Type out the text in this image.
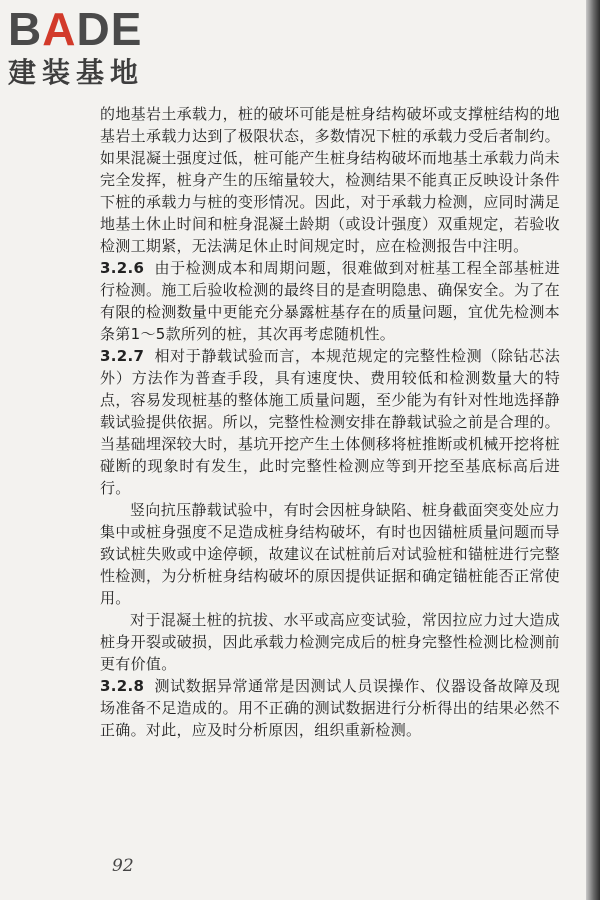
BADE
建装基地

的地基岩土承载力，桩的破坏可能是桩身结构破坏或支撑桩结构的地基岩土承载力达到了极限状态，多数情况下桩的承载力受后者制约。如果混凝土强度过低，桩可能产生桩身结构破坏而地基土承载力尚未完全发挥，桩身产生的压缩量较大，检测结果不能真正反映设计条件下桩的承载力与桩的变形情况。因此，对于承载力检测，应同时满足地基土休止时间和桩身混凝土龄期（或设计强度）双重规定，若验收检测工期紧，无法满足休止时间规定时，应在检测报告中注明。

3.2.6 由于检测成本和周期问题，很难做到对桩基工程全部基桩进行检测。施工后验收检测的最终目的是查明隐患、确保安全。为了在有限的检测数量中更能充分暴露桩基存在的质量问题，宜优先检测本条第1～5款所列的桩，其次再考虑随机性。

3.2.7 相对于静载试验而言，本规范规定的完整性检测（除钻芯法外）方法作为普查手段，具有速度快、费用较低和检测数量大的特点，容易发现桩基的整体施工质量问题，至少能为有针对性地选择静载试验提供依据。所以，完整性检测安排在静载试验之前是合理的。当基础埋深较大时，基坑开挖产生土体侧移将桩推断或机械开挖将桩碰断的现象时有发生，此时完整性检测应等到开挖至基底标高后进行。

竖向抗压静载试验中，有时会因桩身缺陷、桩身截面突变处应力集中或桩身强度不足造成桩身结构破坏，有时也因锚桩质量问题而导致试桩失败或中途停顿，故建议在试桩前后对试验桩和锚桩进行完整性检测，为分析桩身结构破坏的原因提供证据和确定锚桩能否正常使用。

对于混凝土桩的抗拔、水平或高应变试验，常因拉应力过大造成桩身开裂或破损，因此承载力检测完成后的桩身完整性检测比检测前更有价值。

3.2.8 测试数据异常通常是因测试人员误操作、仪器设备故障及现场准备不足造成的。用不正确的测试数据进行分析得出的结果必然不正确。对此，应及时分析原因，组织重新检测。

92
